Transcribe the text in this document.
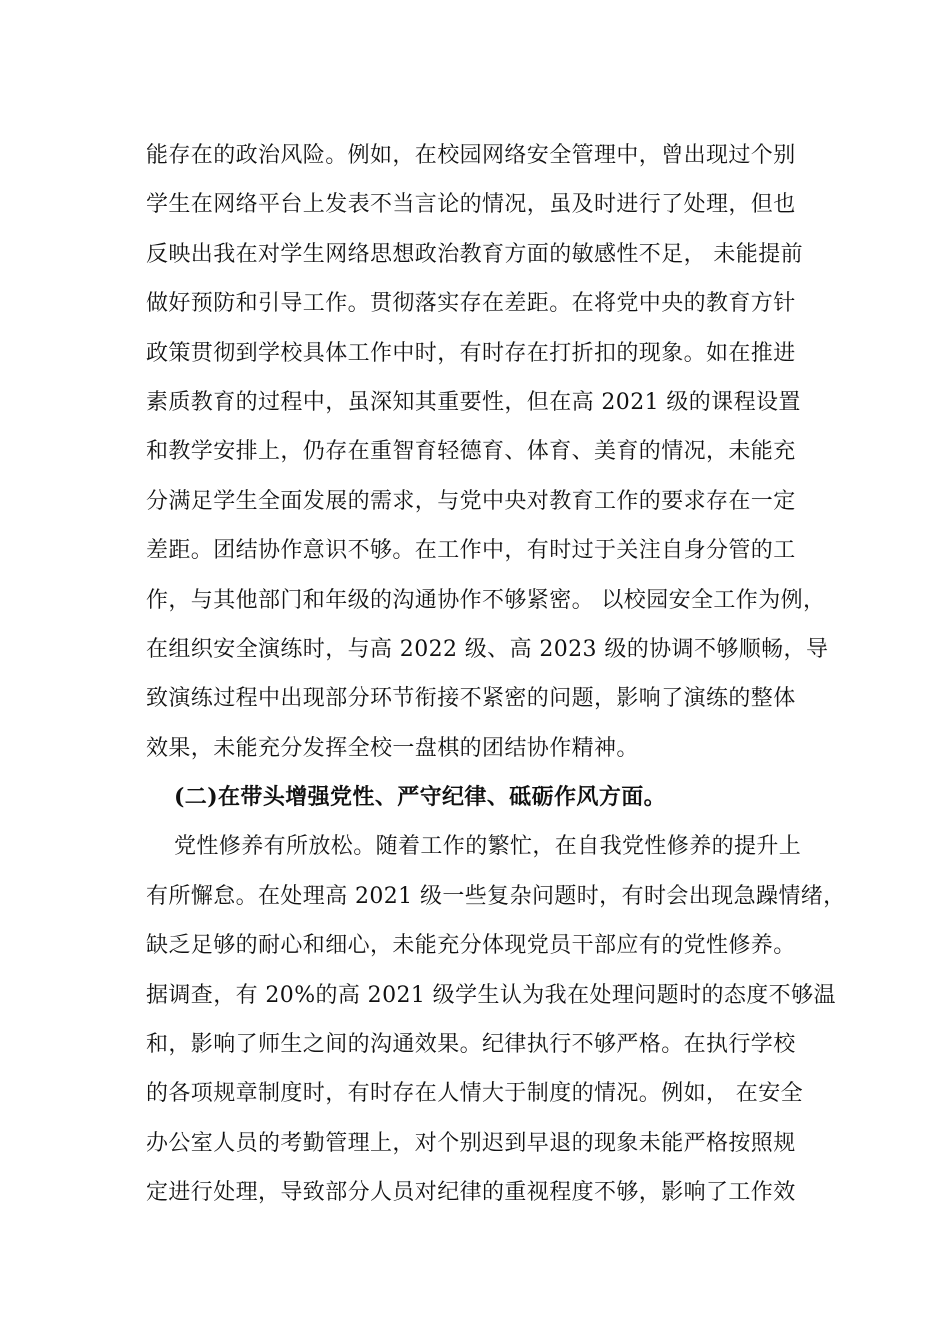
能存在的政治风险。例如，在校园网络安全管理中，曾出现过个别
学生在网络平台上发表不当言论的情况，虽及时进行了处理，但也
反映出我在对学生网络思想政治教育方面的敏感性不足， 未能提前
做好预防和引导工作。贯彻落实存在差距。在将党中央的教育方针
政策贯彻到学校具体工作中时，有时存在打折扣的现象。如在推进
素质教育的过程中，虽深知其重要性，但在高 2021 级的课程设置
和教学安排上，仍存在重智育轻德育、体育、美育的情况，未能充
分满足学生全面发展的需求，与党中央对教育工作的要求存在一定
差距。团结协作意识不够。在工作中，有时过于关注自身分管的工
作，与其他部门和年级的沟通协作不够紧密。 以校园安全工作为例，
在组织安全演练时，与高 2022 级、高 2023 级的协调不够顺畅，导
致演练过程中出现部分环节衔接不紧密的问题，影响了演练的整体
效果，未能充分发挥全校一盘棋的团结协作精神。
(二)在带头增强党性、严守纪律、砥砺作风方面。
党性修养有所放松。随着工作的繁忙，在自我党性修养的提升上
有所懈怠。在处理高 2021 级一些复杂问题时，有时会出现急躁情绪，
缺乏足够的耐心和细心，未能充分体现党员干部应有的党性修养。
据调查，有 20%的高 2021 级学生认为我在处理问题时的态度不够温
和，影响了师生之间的沟通效果。纪律执行不够严格。在执行学校
的各项规章制度时，有时存在人情大于制度的情况。例如， 在安全
办公室人员的考勤管理上，对个别迟到早退的现象未能严格按照规
定进行处理，导致部分人员对纪律的重视程度不够，影响了工作效
